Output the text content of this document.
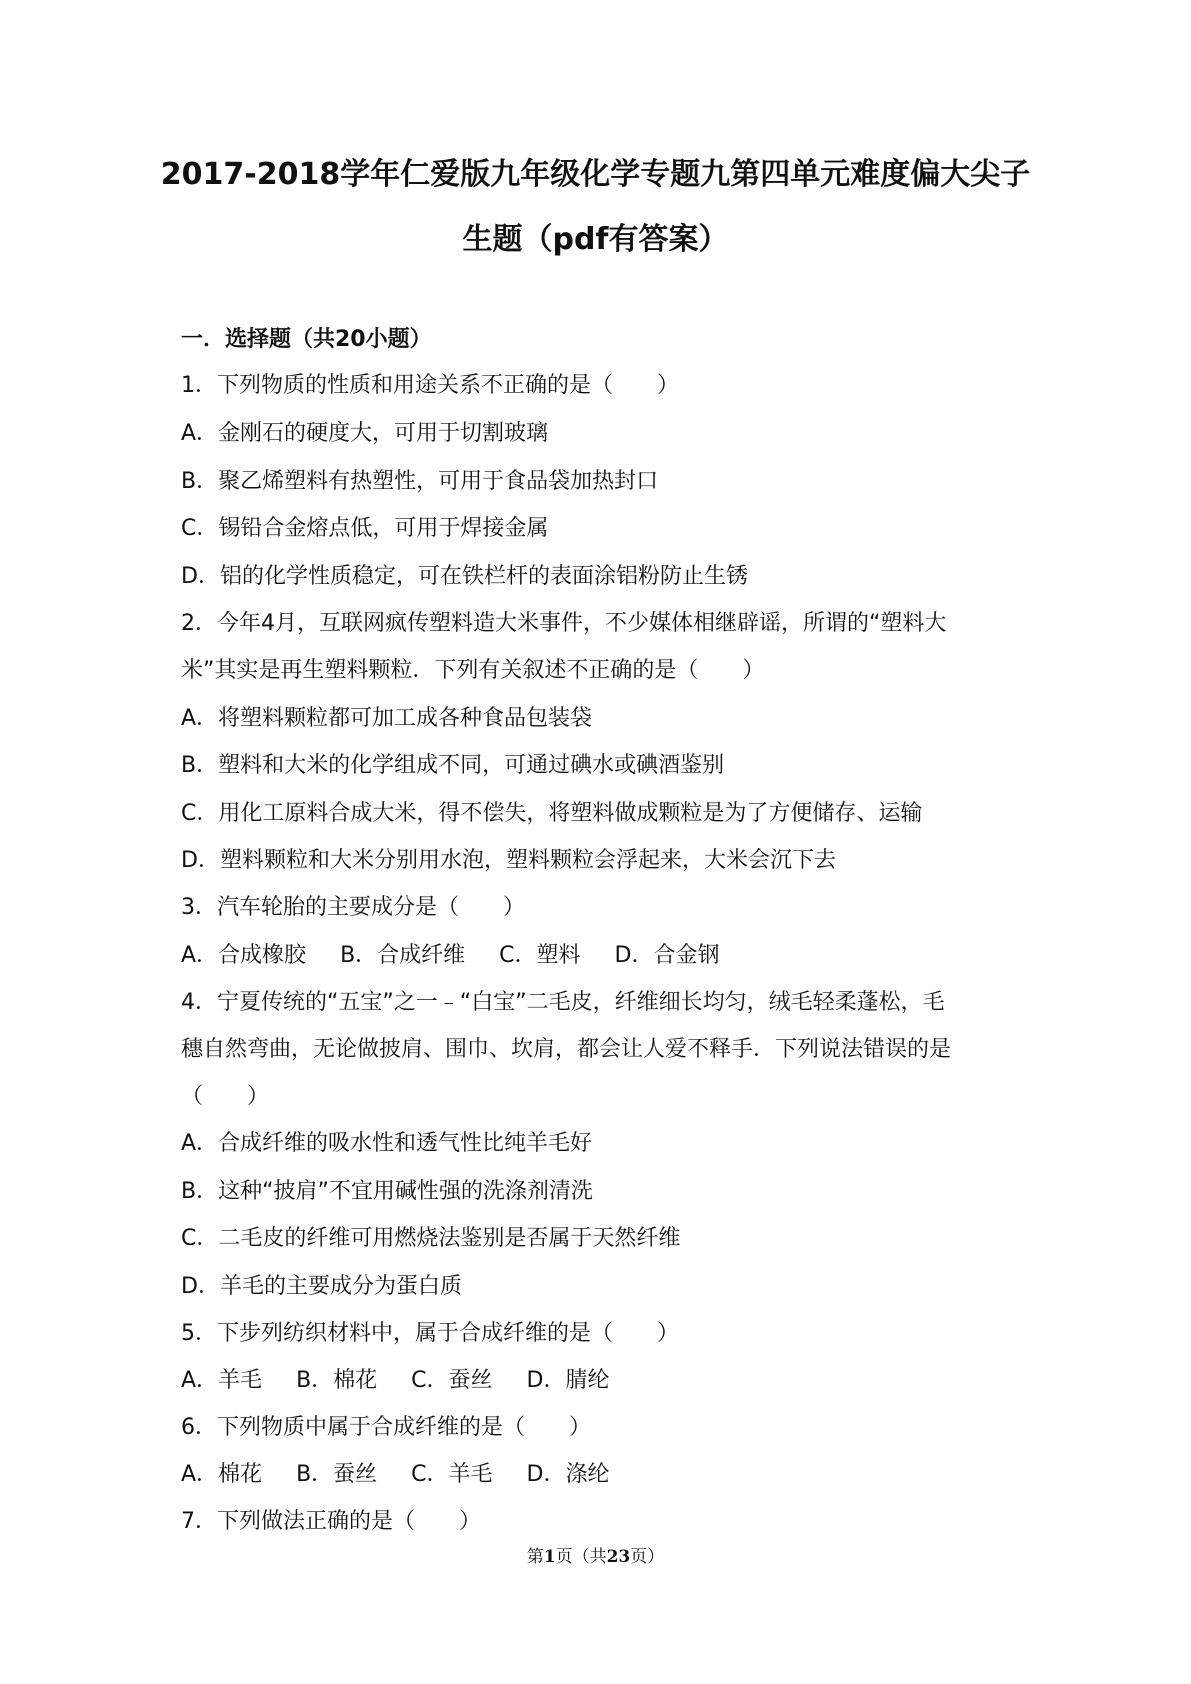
2017-2018学年仁爱版九年级化学专题九第四单元难度偏大尖子
生题（pdf有答案）
一．选择题（共20小题）
1．下列物质的性质和用途关系不正确的是（　　）
A．金刚石的硬度大，可用于切割玻璃
B．聚乙烯塑料有热塑性，可用于食品袋加热封口
C．锡铅合金熔点低，可用于焊接金属
D．铝的化学性质稳定，可在铁栏杆的表面涂铝粉防止生锈
2．今年4月，互联网疯传塑料造大米事件，不少媒体相继辟谣，所谓的“塑料大
米”其实是再生塑料颗粒．下列有关叙述不正确的是（　　）
A．将塑料颗粒都可加工成各种食品包装袋
B．塑料和大米的化学组成不同，可通过碘水或碘酒鉴别
C．用化工原料合成大米，得不偿失，将塑料做成颗粒是为了方便储存、运输
D．塑料颗粒和大米分别用水泡，塑料颗粒会浮起来，大米会沉下去
3．汽车轮胎的主要成分是（　　）
A．合成橡胶 B．合成纤维 C．塑料 D．合金钢
4．宁夏传统的“五宝”之一﹣“白宝”二毛皮，纤维细长均匀，绒毛轻柔蓬松，毛
穗自然弯曲，无论做披肩、围巾、坎肩，都会让人爱不释手．下列说法错误的是
（　　）
A．合成纤维的吸水性和透气性比纯羊毛好
B．这种“披肩”不宜用碱性强的洗涤剂清洗
C．二毛皮的纤维可用燃烧法鉴别是否属于天然纤维
D．羊毛的主要成分为蛋白质
5．下步列纺织材料中，属于合成纤维的是（　　）
A．羊毛 B．棉花 C．蚕丝 D．腈纶
6．下列物质中属于合成纤维的是（　　）
A．棉花 B．蚕丝 C．羊毛 D．涤纶
7．下列做法正确的是（　　）
第1页（共23页）
